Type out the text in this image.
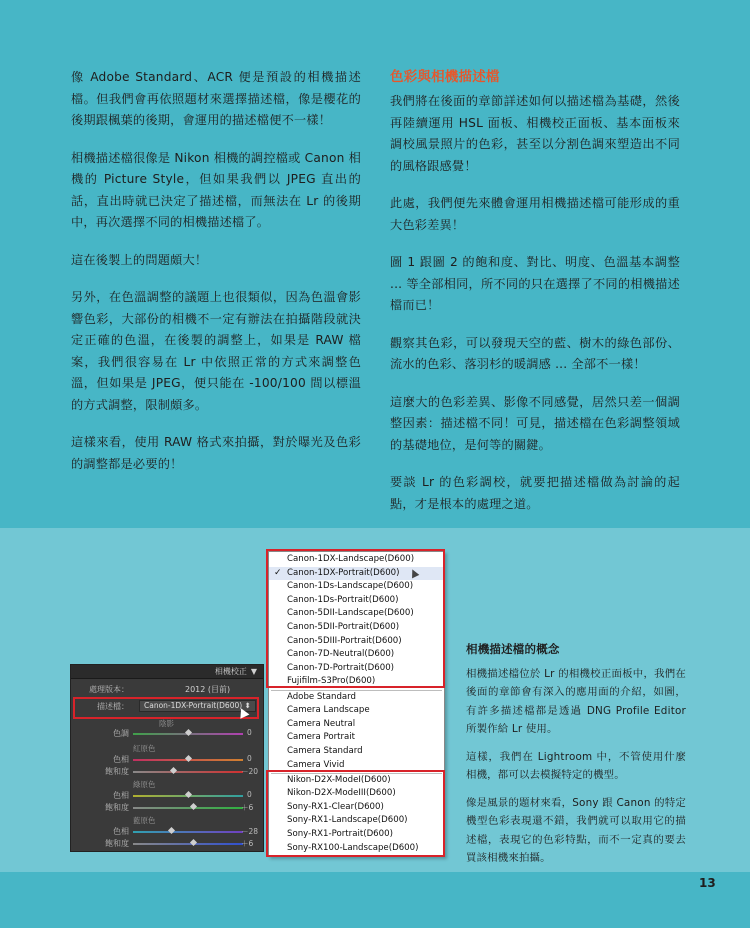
像 Adobe Standard、ACR 便是預設的相機描述檔。但我們會再依照題材來選擇描述檔，像是櫻花的後期跟楓葉的後期，會運用的描述檔便不一樣！

相機描述檔很像是 Nikon 相機的調控檔或 Canon 相機的 Picture Style，但如果我們以 JPEG 直出的話，直出時就已決定了描述檔，而無法在 Lr 的後期中，再次選擇不同的相機描述檔了。

這在後製上的問題頗大！

另外，在色溫調整的議題上也很類似，因為色溫會影響色彩，大部份的相機不一定有辦法在拍攝階段就決定正確的色溫，在後製的調整上，如果是 RAW 檔案，我們很容易在 Lr 中依照正常的方式來調整色溫，但如果是 JPEG，便只能在 -100/100 間以標溫的方式調整，限制頗多。

這樣來看，使用 RAW 格式來拍攝，對於曝光及色彩的調整都是必要的！

色彩與相機描述檔

我們將在後面的章節詳述如何以描述檔為基礎，然後再陸續運用 HSL 面板、相機校正面板、基本面板來調校風景照片的色彩，甚至以分割色調來塑造出不同的風格跟感覺！

此處，我們便先來體會運用相機描述檔可能形成的重大色彩差異！

圖 1 跟圖 2 的飽和度、對比、明度、色溫基本調整 ... 等全部相同，所不同的只在選擇了不同的相機描述檔而已！

觀察其色彩，可以發現天空的藍、樹木的綠色部份、流水的色彩、落羽杉的暖調感 ... 全部不一樣！

這麼大的色彩差異、影像不同感覺，居然只差一個調整因素：描述檔不同！可見，描述檔在色彩調整領域的基礎地位，是何等的關鍵。

要談 Lr 的色彩調校，就要把描述檔做為討論的起點，才是根本的處理之道。

相機校正 ▼
處理版本：	2012 (目前)
描述檔：	Canon-1DX-Portrait(D600) ⬍
陰影
色調	0
紅原色
色相	0
飽和度	－20
綠原色
色相	0
飽和度	＋6
藍原色
色相	－28
飽和度	＋6
Canon-1DX-Landscape(D600)
✓ Canon-1DX-Portrait(D600)
Canon-1Ds-Landscape(D600)
Canon-1Ds-Portrait(D600)
Canon-5DII-Landscape(D600)
Canon-5DII-Portrait(D600)
Canon-5DIII-Portrait(D600)
Canon-7D-Neutral(D600)
Canon-7D-Portrait(D600)
Fujifilm-S3Pro(D600)
Adobe Standard
Camera Landscape
Camera Neutral
Camera Portrait
Camera Standard
Camera Vivid
Nikon-D2X-ModeI(D600)
Nikon-D2X-ModeIII(D600)
Sony-RX1-Clear(D600)
Sony-RX1-Landscape(D600)
Sony-RX1-Portrait(D600)
Sony-RX100-Landscape(D600)
相機描述檔的概念

相機描述檔位於 Lr 的相機校正面板中，我們在後面的章節會有深入的應用面的介紹，如圖，有許多描述檔都是透過 DNG Profile Editor 所製作給 Lr 使用。

這樣，我們在 Lightroom 中，不管使用什麼相機，都可以去模擬特定的機型。

像是風景的題材來看，Sony 跟 Canon 的特定機型色彩表現還不錯，我們就可以取用它的描述檔，表現它的色彩特點，而不一定真的要去買該相機來拍攝。

13
